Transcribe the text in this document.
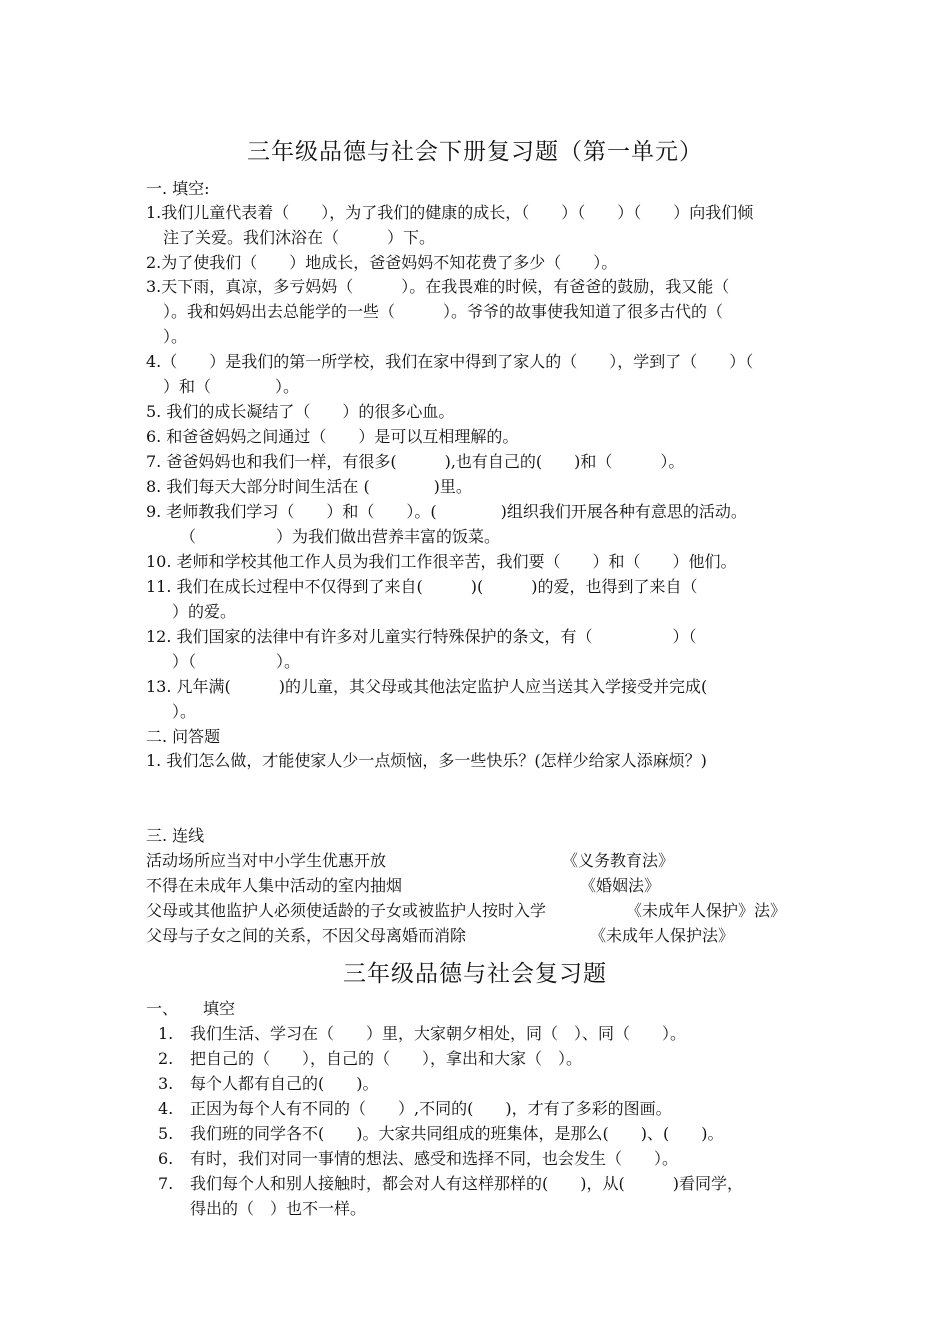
三年级品德与社会下册复习题（第一单元）
一. 填空:
1.我们儿童代表着（　　），为了我们的健康的成长，（　　）（　　）（　　）向我们倾
注了关爱。我们沐浴在（　　　）下。
2.为了使我们（　　）地成长，爸爸妈妈不知花费了多少（　　）。
3.天下雨，真凉，多亏妈妈（　　　）。在我畏难的时候，有爸爸的鼓励，我又能（
）。我和妈妈出去总能学的一些（　　　）。爷爷的故事使我知道了很多古代的（
）。
4.（　　）是我们的第一所学校，我们在家中得到了家人的（　　），学到了（　　）（
）和（　　　　）。
5. 我们的成长凝结了（　　）的很多心血。
6. 和爸爸妈妈之间通过（　　）是可以互相理解的。
7. 爸爸妈妈也和我们一样，有很多(　　　),也有自己的(　　)和（　　　）。
8. 我们每天大部分时间生活在 (　　　　)里。
9. 老师教我们学习（　　）和（　　）。(　　　　)组织我们开展各种有意思的活动。
（　　　　　）为我们做出营养丰富的饭菜。
10. 老师和学校其他工作人员为我们工作很辛苦，我们要（　　）和（　　）他们。
11. 我们在成长过程中不仅得到了来自(　　　)(　　　)的爱，也得到了来自（
）的爱。
12. 我们国家的法律中有许多对儿童实行特殊保护的条文，有（　　　　　）（
）（　　　　　）。
13. 凡年满(　　　)的儿童，其父母或其他法定监护人应当送其入学接受并完成(
）。
二. 问答题
1. 我们怎么做，才能使家人少一点烦恼，多一些快乐？(怎样少给家人添麻烦？)
三. 连线
活动场所应当对中小学生优惠开放	《义务教育法》
不得在未成年人集中活动的室内抽烟	《婚姻法》
父母或其他监护人必须使适龄的子女或被监护人按时入学	《未成年人保护》法》
父母与子女之间的关系，不因父母离婚而消除	《未成年人保护法》
三年级品德与社会复习题
一、 填空
1. 我们生活、学习在（　　）里，大家朝夕相处，同（　）、同（　　）。
2. 把自己的（　　），自己的（　　），拿出和大家（　）。
3. 每个人都有自己的(　　)。
4. 正因为每个人有不同的（　　）,不同的(　　)，才有了多彩的图画。
5. 我们班的同学各不(　　)。大家共同组成的班集体，是那么(　　)、(　　)。
6. 有时，我们对同一事情的想法、感受和选择不同，也会发生（　　）。
7. 我们每个人和别人接触时，都会对人有这样那样的(　　)，从(　　　)看同学，
得出的（　）也不一样。
